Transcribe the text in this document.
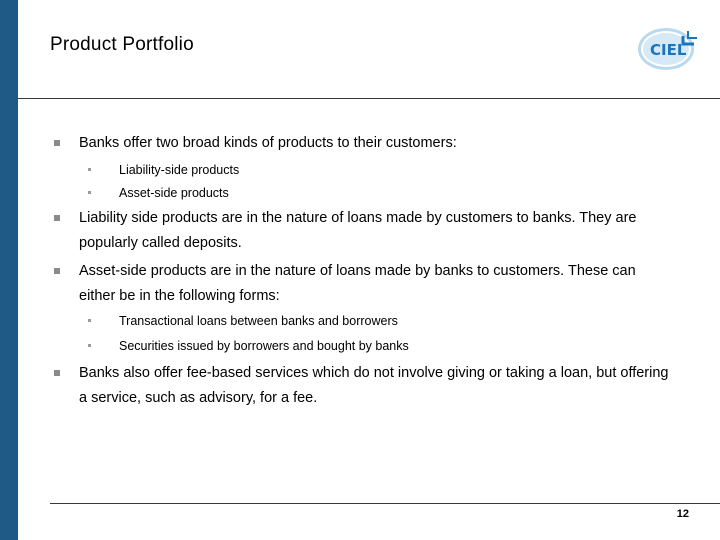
Product Portfolio	CIEL
Banks offer two broad kinds of products to their customers:
Liability-side products
Asset-side products
Liability side products are in the nature of loans made by customers to banks. They are popularly called deposits.
Asset-side products are in the nature of loans made by banks to customers. These can either be in the following forms:
Transactional loans between banks and borrowers
Securities issued by borrowers and bought by banks
Banks also offer fee-based services which do not involve giving or taking a loan, but offering a service, such as advisory, for a fee.
12
